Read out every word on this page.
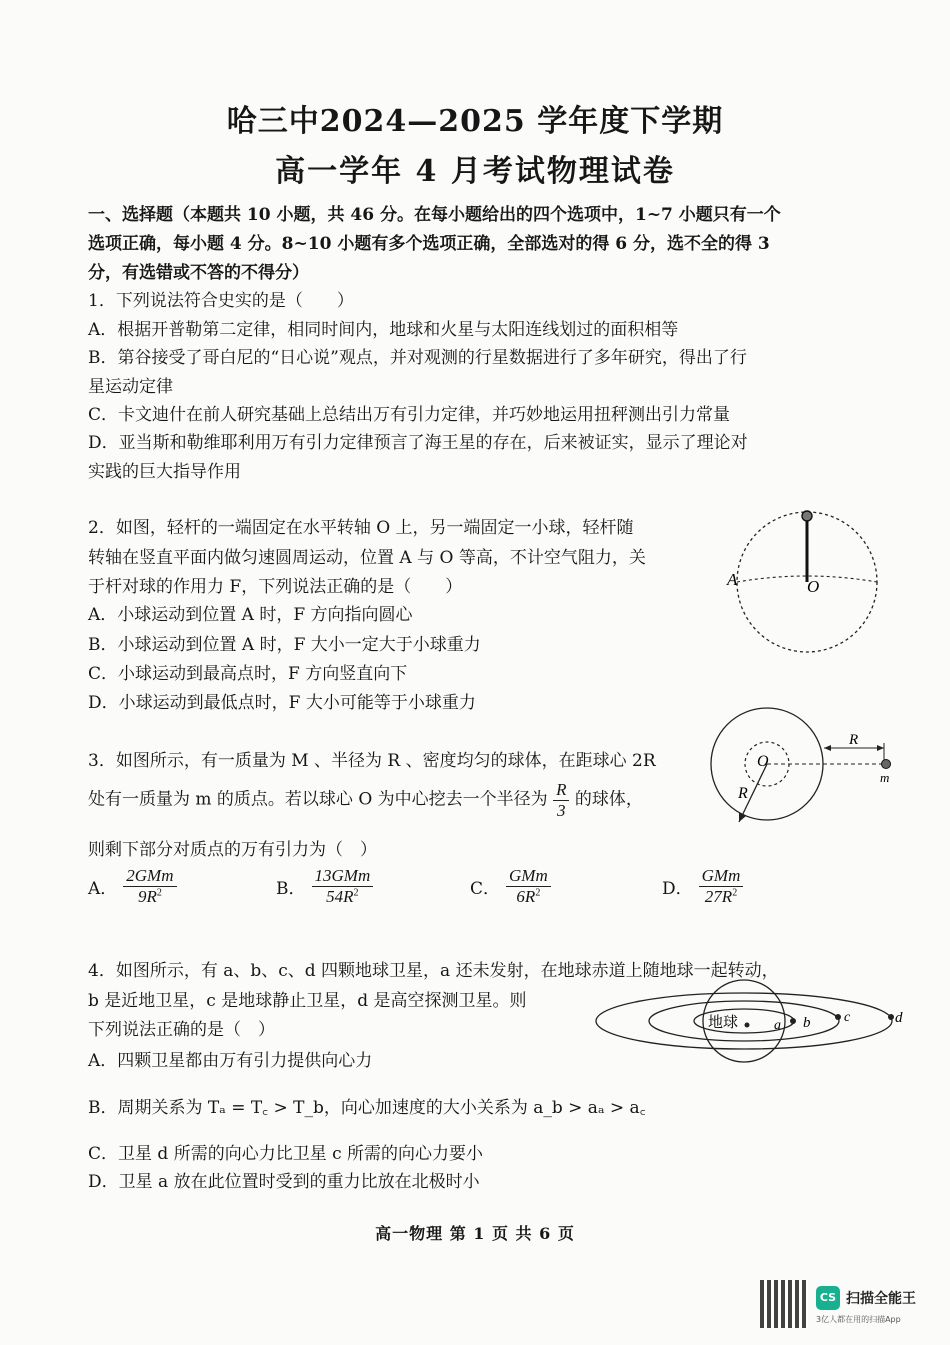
哈三中2024—2025 学年度下学期
高一学年 4 月考试物理试卷
一、选择题（本题共 10 小题，共 46 分。在每小题给出的四个选项中，1~7 小题只有一个
选项正确，每小题 4 分。8~10 小题有多个选项正确，全部选对的得 6 分，选不全的得 3
分，有选错或不答的不得分）
1．下列说法符合史实的是（　　）
A．根据开普勒第二定律，相同时间内，地球和火星与太阳连线划过的面积相等
B．第谷接受了哥白尼的“日心说”观点，并对观测的行星数据进行了多年研究，得出了行
星运动定律
C．卡文迪什在前人研究基础上总结出万有引力定律，并巧妙地运用扭秤测出引力常量
D．亚当斯和勒维耶利用万有引力定律预言了海王星的存在，后来被证实，显示了理论对
实践的巨大指导作用
2．如图，轻杆的一端固定在水平转轴 O 上，另一端固定一小球，轻杆随
转轴在竖直平面内做匀速圆周运动，位置 A 与 O 等高，不计空气阻力，关
于杆对球的作用力 F，下列说法正确的是（　　）
A．小球运动到位置 A 时，F 方向指向圆心
B．小球运动到位置 A 时，F 大小一定大于小球重力
C．小球运动到最高点时，F 方向竖直向下
D．小球运动到最低点时，F 大小可能等于小球重力
A	O
3．如图所示，有一质量为 M 、半径为 R 、密度均匀的球体，在距球心 2R
处有一质量为 m 的质点。若以球心 O 为中心挖去一个半径为 $\frac{R}{3}$ 的球体，
则剩下部分对质点的万有引力为（　）
A． $\frac{\text{2GMm}}{9R^2}$	B． $\frac{\text{13GMm}}{54R^2}$	C． $\frac{\text{GMm}}{6R^2}$	D． $\frac{\text{GMm}}{27R^2}$
O
R
R
m
4．如图所示，有 a、b、c、d 四颗地球卫星，a 还未发射，在地球赤道上随地球一起转动，
b 是近地卫星，c 是地球静止卫星，d 是高空探测卫星。则
下列说法正确的是（　）
A．四颗卫星都由万有引力提供向心力
B．周期关系为 Tₐ = T꜀ > T_b，向心加速度的大小关系为 a_b > aₐ > a꜀
C．卫星 d 所需的向心力比卫星 c 所需的向心力要小
D．卫星 a 放在此位置时受到的重力比放在北极时小
地球	a b c	d
高一物理 第 1 页 共 6 页
CS 扫描全能王
3亿人都在用的扫描App
